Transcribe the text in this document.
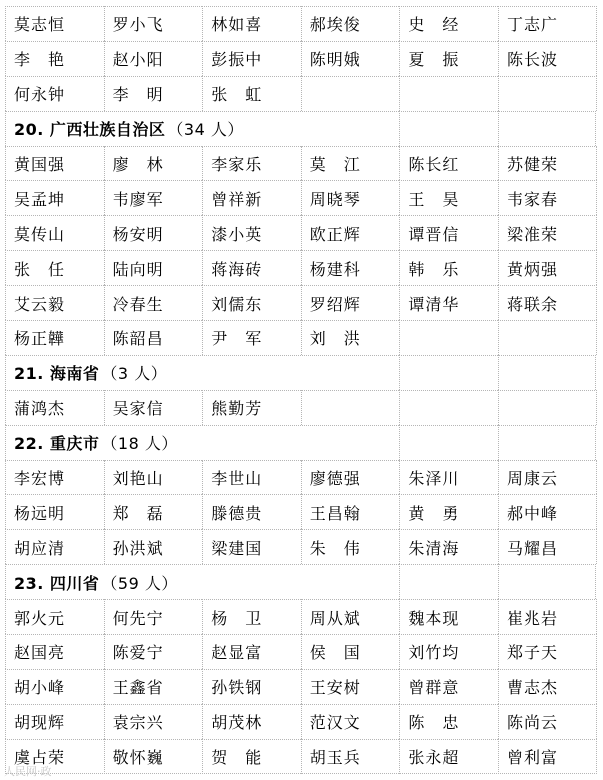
莫志恒	罗小飞	林如喜	郝埃俊	史　经	丁志广
李　艳	赵小阳	彭振中	陈明娥	夏　振	陈长波
何永钟	李　明	张　虹
20. 广西壮族自治区 （34 人）
黄国强	廖　林	李家乐	莫　江	陈长红	苏健荣
吴孟坤	韦廖军	曾祥新	周晓琴	王　昊	韦家春
莫传山	杨安明	漆小英	欧正辉	谭晋信	梁准荣
张　任	陆向明	蒋海砖	杨建科	韩　乐	黄炳强
艾云毅	冷春生	刘儒东	罗绍辉	谭清华	蒋联余
杨正韡	陈韶昌	尹　军	刘　洪
21. 海南省 （3 人）
蒲鸿杰	吴家信	熊勤芳
22. 重庆市 （18 人）
李宏博	刘艳山	李世山	廖德强	朱泽川	周康云
杨远明	郑　磊	滕德贵	王昌翰	黄　勇	郝中峰
胡应清	孙洪斌	梁建国	朱　伟	朱清海	马耀昌
23. 四川省 （59 人）
郭火元	何先宁	杨　卫	周从斌	魏本现	崔兆岩
赵国亮	陈爱宁	赵显富	侯　国	刘竹均	郑子天
胡小峰	王鑫省	孙铁钢	王安树	曾群意	曹志杰
胡现辉	袁宗兴	胡茂林	范汉文	陈　忠	陈尚云
虞占荣	敬怀巍	贺　能	胡玉兵	张永超	曾利富
人民网·政
